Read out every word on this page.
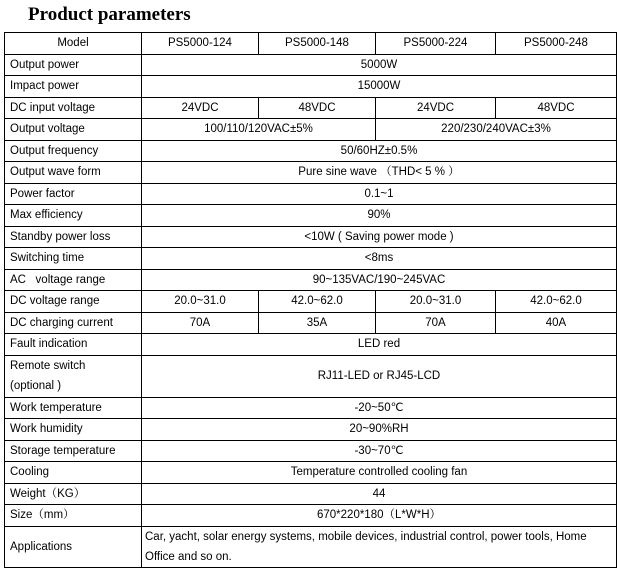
Product parameters
Model	PS5000-124	PS5000-148	PS5000-224	PS5000-248
Output power	5000W			
Impact power	15000W			
DC input voltage	24VDC	48VDC	24VDC	48VDC
Output voltage	100/110/120VAC±5%		220/230/240VAC±3%	
Output frequency	50/60HZ±0.5%			
Output wave form	Pure sine wave （THD< 5 % ）			
Power factor	0.1~1			
Max efficiency	90%			
Standby power loss	<10W ( Saving power mode )			
Switching time	<8ms			
AC   voltage range	90~135VAC/190~245VAC			
DC voltage range	20.0~31.0	42.0~62.0	20.0~31.0	42.0~62.0
DC charging current	70A	35A	70A	40A
Fault indication	LED red			

Remote switch
(optional )	RJ11-LED or RJ45-LCD			
Work temperature	-20~50℃			
Work humidity	20~90%RH			
Storage temperature	-30~70℃			
Cooling	Temperature controlled cooling fan			
Weight（KG）	44			
Size（mm）	670*220*180（L*W*H）			
Applications	Car, yacht, solar energy systems, mobile devices, industrial control, power tools, Home
Office and so on.			
